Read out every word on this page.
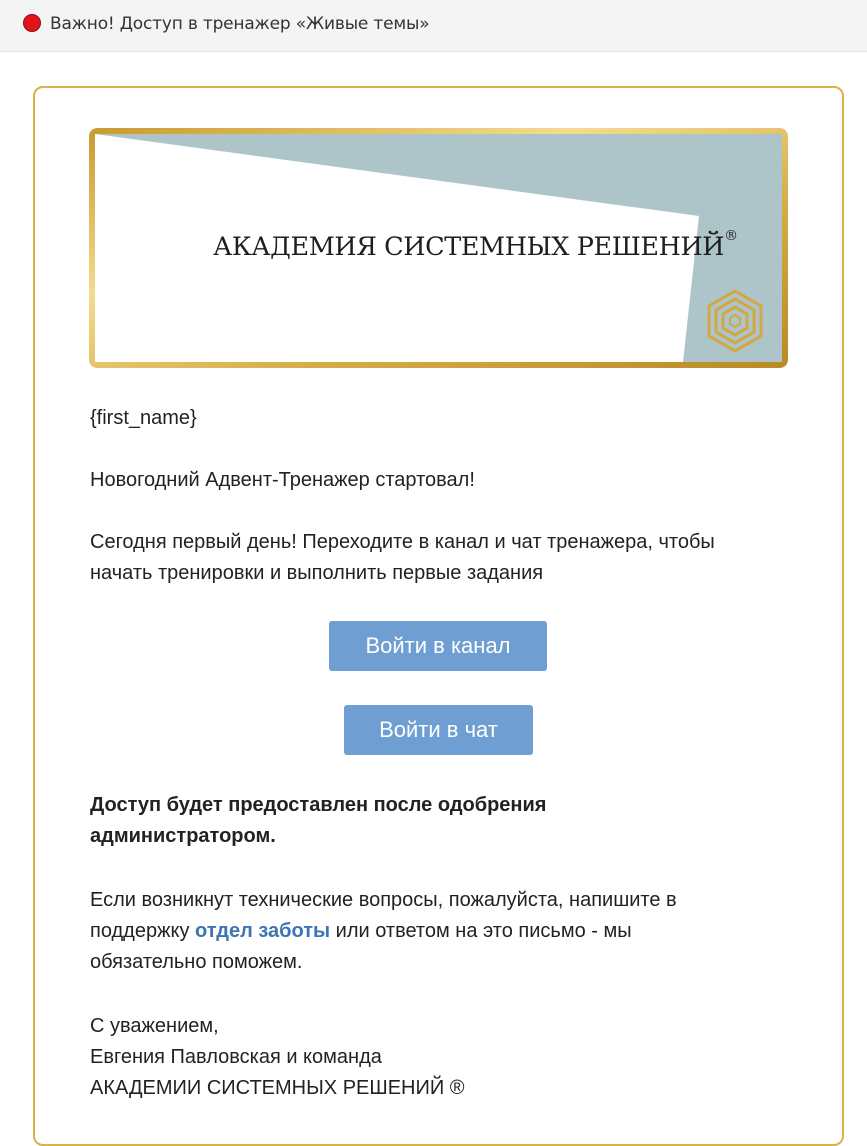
Важно! Доступ в тренажер «Живые темы»
АКАДЕМИЯ СИСТЕМНЫХ РЕШЕНИЙ®
{first_name}
Новогодний Адвент-Тренажер стартовал!
Сегодня первый день! Переходите в канал и чат тренажера, чтобы
начать тренировки и выполнить первые задания
Войти в канал
Войти в чат
Доступ будет предоставлен после одобрения
администратором.
Если возникнут технические вопросы, пожалуйста, напишите в
поддержку отдел заботы или ответом на это письмо - мы
обязательно поможем.
С уважением,
Евгения Павловская и команда
АКАДЕМИИ СИСТЕМНЫХ РЕШЕНИЙ ®
